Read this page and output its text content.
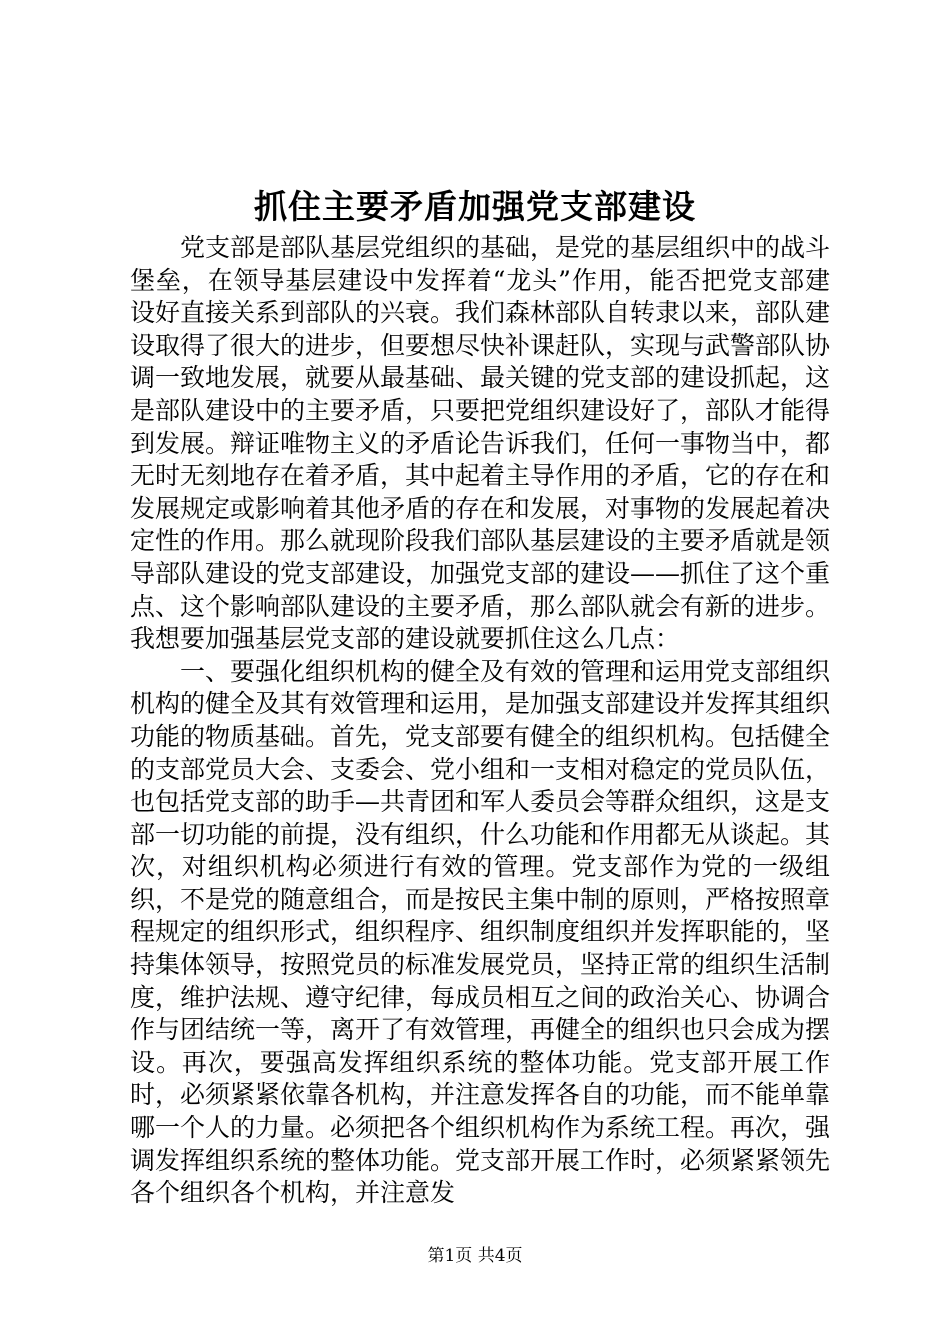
抓住主要矛盾加强党支部建设

党支部是部队基层党组织的基础，是党的基层组织中的战斗堡垒，在领导基层建设中发挥着“龙头”作用，能否把党支部建设好直接关系到部队的兴衰。我们森林部队自转隶以来，部队建设取得了很大的进步，但要想尽快补课赶队，实现与武警部队协调一致地发展，就要从最基础、最关键的党支部的建设抓起，这是部队建设中的主要矛盾，只要把党组织建设好了，部队才能得到发展。辩证唯物主义的矛盾论告诉我们，任何一事物当中，都无时无刻地存在着矛盾，其中起着主导作用的矛盾，它的存在和发展规定或影响着其他矛盾的存在和发展，对事物的发展起着决定性的作用。那么就现阶段我们部队基层建设的主要矛盾就是领导部队建设的党支部建设，加强党支部的建设——抓住了这个重点、这个影响部队建设的主要矛盾，那么部队就会有新的进步。我想要加强基层党支部的建设就要抓住这么几点：

一、要强化组织机构的健全及有效的管理和运用党支部组织机构的健全及其有效管理和运用，是加强支部建设并发挥其组织功能的物质基础。首先，党支部要有健全的组织机构。包括健全的支部党员大会、支委会、党小组和一支相对稳定的党员队伍，也包括党支部的助手—共青团和军人委员会等群众组织，这是支部一切功能的前提，没有组织，什么功能和作用都无从谈起。其次，对组织机构必须进行有效的管理。党支部作为党的一级组织，不是党的随意组合，而是按民主集中制的原则，严格按照章程规定的组织形式，组织程序、组织制度组织并发挥职能的，坚持集体领导，按照党员的标准发展党员，坚持正常的组织生活制度，维护法规、遵守纪律，每成员相互之间的政治关心、协调合作与团结统一等，离开了有效管理，再健全的组织也只会成为摆设。再次，要强高发挥组织系统的整体功能。党支部开展工作时，必须紧紧依靠各机构，并注意发挥各自的功能，而不能单靠哪一个人的力量。必须把各个组织机构作为系统工程。再次，强调发挥组织系统的整体功能。党支部开展工作时，必须紧紧领先各个组织各个机构，并注意发

第1页 共4页
